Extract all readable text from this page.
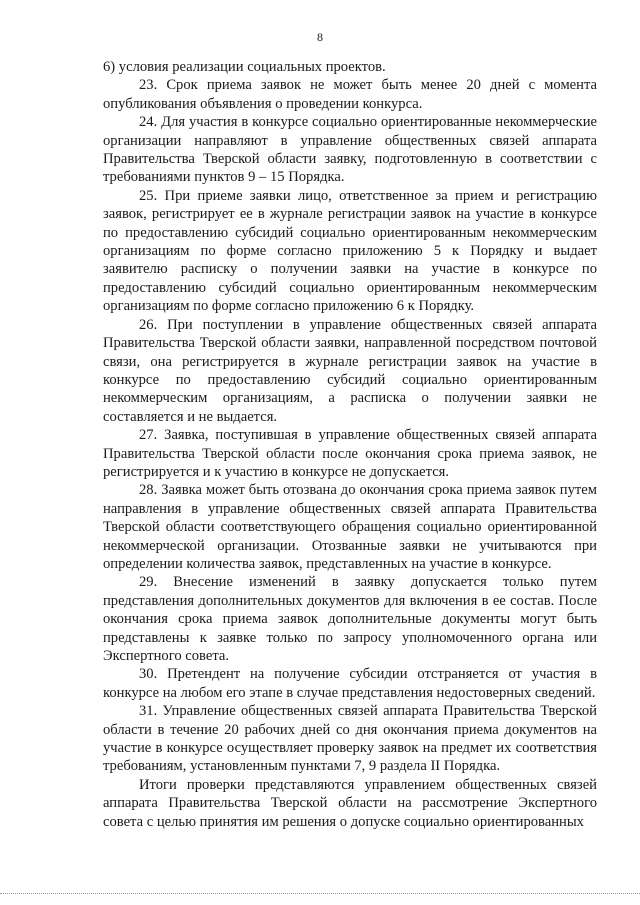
8

6) условия реализации социальных проектов.

23. Срок приема заявок не может быть менее 20 дней с момента опубликования объявления о проведении конкурса.

24. Для участия в конкурсе социально ориентированные некоммерческие организации направляют в управление общественных связей аппарата Правительства Тверской области заявку, подготовленную в соответствии с требованиями пунктов 9 – 15 Порядка.

25. При приеме заявки лицо, ответственное за прием и регистрацию заявок, регистрирует ее в журнале регистрации заявок на участие в конкурсе по предоставлению субсидий социально ориентированным некоммерческим организациям по форме согласно приложению 5 к Порядку и выдает заявителю расписку о получении заявки на участие в конкурсе по предоставлению субсидий социально ориентированным некоммерческим организациям по форме согласно приложению 6 к Порядку.

26. При поступлении в управление общественных связей аппарата Правительства Тверской области заявки, направленной посредством почтовой связи, она регистрируется в журнале регистрации заявок на участие в конкурсе по предоставлению субсидий социально ориентированным некоммерческим организациям, а расписка о получении заявки не составляется и не выдается.

27. Заявка, поступившая в управление общественных связей аппарата Правительства Тверской области после окончания срока приема заявок, не регистрируется и к участию в конкурсе не допускается.

28. Заявка может быть отозвана до окончания срока приема заявок путем направления в управление общественных связей аппарата Правительства Тверской области соответствующего обращения социально ориентированной некоммерческой организации. Отозванные заявки не учитываются при определении количества заявок, представленных на участие в конкурсе.

29. Внесение изменений в заявку допускается только путем представления дополнительных документов для включения в ее состав. После окончания срока приема заявок дополнительные документы могут быть представлены к заявке только по запросу уполномоченного органа или Экспертного совета.

30. Претендент на получение субсидии отстраняется от участия в конкурсе на любом его этапе в случае представления недостоверных сведений.

31. Управление общественных связей аппарата Правительства Тверской области в течение 20 рабочих дней со дня окончания приема документов на участие в конкурсе осуществляет проверку заявок на предмет их соответствия требованиям, установленным пунктами 7, 9 раздела II Порядка.

Итоги проверки представляются управлением общественных связей аппарата Правительства Тверской области на рассмотрение Экспертного совета с целью принятия им решения о допуске социально ориентированных
